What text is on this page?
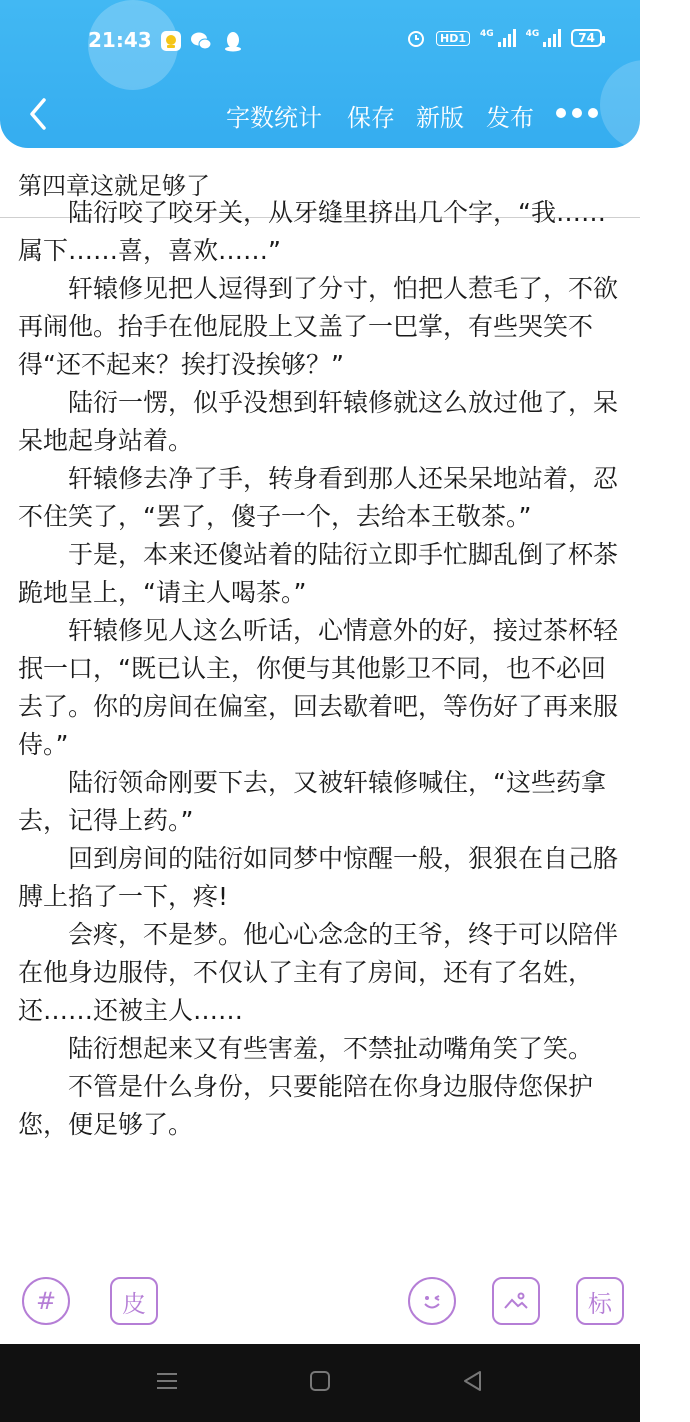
21:43	HD1	4G	4G	74
字数统计 保存 新版 发布
第四章这就足够了

陆衍咬了咬牙关，从牙缝里挤出几个字，“我……属下……喜，喜欢……”

轩辕修见把人逗得到了分寸，怕把人惹毛了，不欲再闹他。抬手在他屁股上又盖了一巴掌，有些哭笑不得“还不起来？挨打没挨够？”

陆衍一愣，似乎没想到轩辕修就这么放过他了，呆呆地起身站着。

轩辕修去净了手，转身看到那人还呆呆地站着，忍不住笑了，“罢了，傻子一个，去给本王敬茶。”

于是，本来还傻站着的陆衍立即手忙脚乱倒了杯茶跪地呈上，“请主人喝茶。”

轩辕修见人这么听话，心情意外的好，接过茶杯轻抿一口，“既已认主，你便与其他影卫不同，也不必回去了。你的房间在偏室，回去歇着吧，等伤好了再来服侍。”

陆衍领命刚要下去，又被轩辕修喊住，“这些药拿去，记得上药。”

回到房间的陆衍如同梦中惊醒一般，狠狠在自己胳膊上掐了一下，疼!

会疼，不是梦。他心心念念的王爷，终于可以陪伴在他身边服侍，不仅认了主有了房间，还有了名姓，还……还被主人……

陆衍想起来又有些害羞，不禁扯动嘴角笑了笑。

不管是什么身份，只要能陪在你身边服侍您保护您，便足够了。

#	皮	标
